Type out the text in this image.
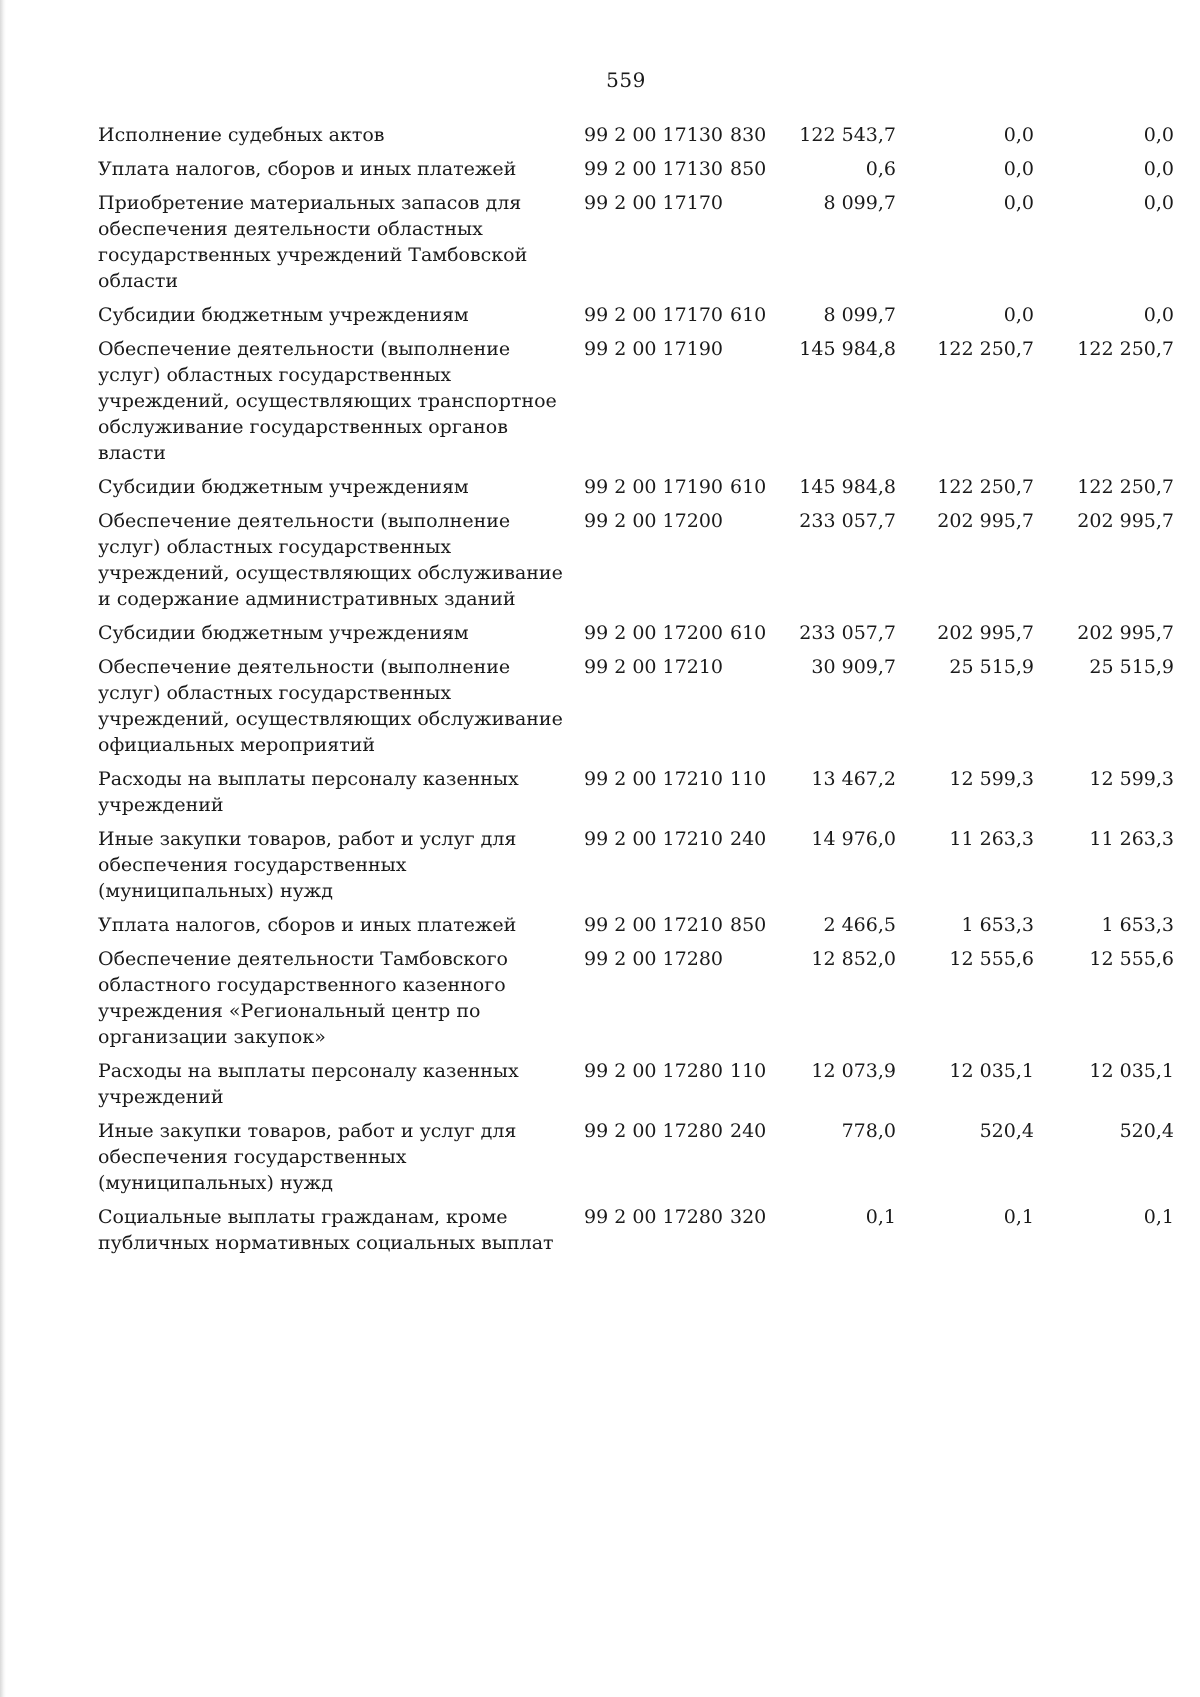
559
Исполнение судебных актов	99 2 00 17130	830	122 543,7	0,0	0,0
Уплата налогов, сборов и иных платежей	99 2 00 17130	850	0,6	0,0	0,0
Приобретение материальных запасов для обеспечения деятельности областных государственных учреждений Тамбовской области	99 2 00 17170		8 099,7	0,0	0,0
Субсидии бюджетным учреждениям	99 2 00 17170	610	8 099,7	0,0	0,0
Обеспечение деятельности (выполнение услуг) областных государственных учреждений, осуществляющих транспортное обслуживание государственных органов власти	99 2 00 17190		145 984,8	122 250,7	122 250,7
Субсидии бюджетным учреждениям	99 2 00 17190	610	145 984,8	122 250,7	122 250,7
Обеспечение деятельности (выполнение услуг) областных государственных учреждений, осуществляющих обслуживание и содержание административных зданий	99 2 00 17200		233 057,7	202 995,7	202 995,7
Субсидии бюджетным учреждениям	99 2 00 17200	610	233 057,7	202 995,7	202 995,7
Обеспечение деятельности (выполнение услуг) областных государственных учреждений, осуществляющих обслуживание официальных мероприятий	99 2 00 17210		30 909,7	25 515,9	25 515,9
Расходы на выплаты персоналу казенных учреждений	99 2 00 17210	110	13 467,2	12 599,3	12 599,3
Иные закупки товаров, работ и услуг для обеспечения государственных (муниципальных) нужд	99 2 00 17210	240	14 976,0	11 263,3	11 263,3
Уплата налогов, сборов и иных платежей	99 2 00 17210	850	2 466,5	1 653,3	1 653,3
Обеспечение деятельности Тамбовского областного государственного казенного учреждения «Региональный центр по организации закупок»	99 2 00 17280		12 852,0	12 555,6	12 555,6
Расходы на выплаты персоналу казенных учреждений	99 2 00 17280	110	12 073,9	12 035,1	12 035,1
Иные закупки товаров, работ и услуг для обеспечения государственных (муниципальных) нужд	99 2 00 17280	240	778,0	520,4	520,4
Социальные выплаты гражданам, кроме публичных нормативных социальных выплат	99 2 00 17280	320	0,1	0,1	0,1
